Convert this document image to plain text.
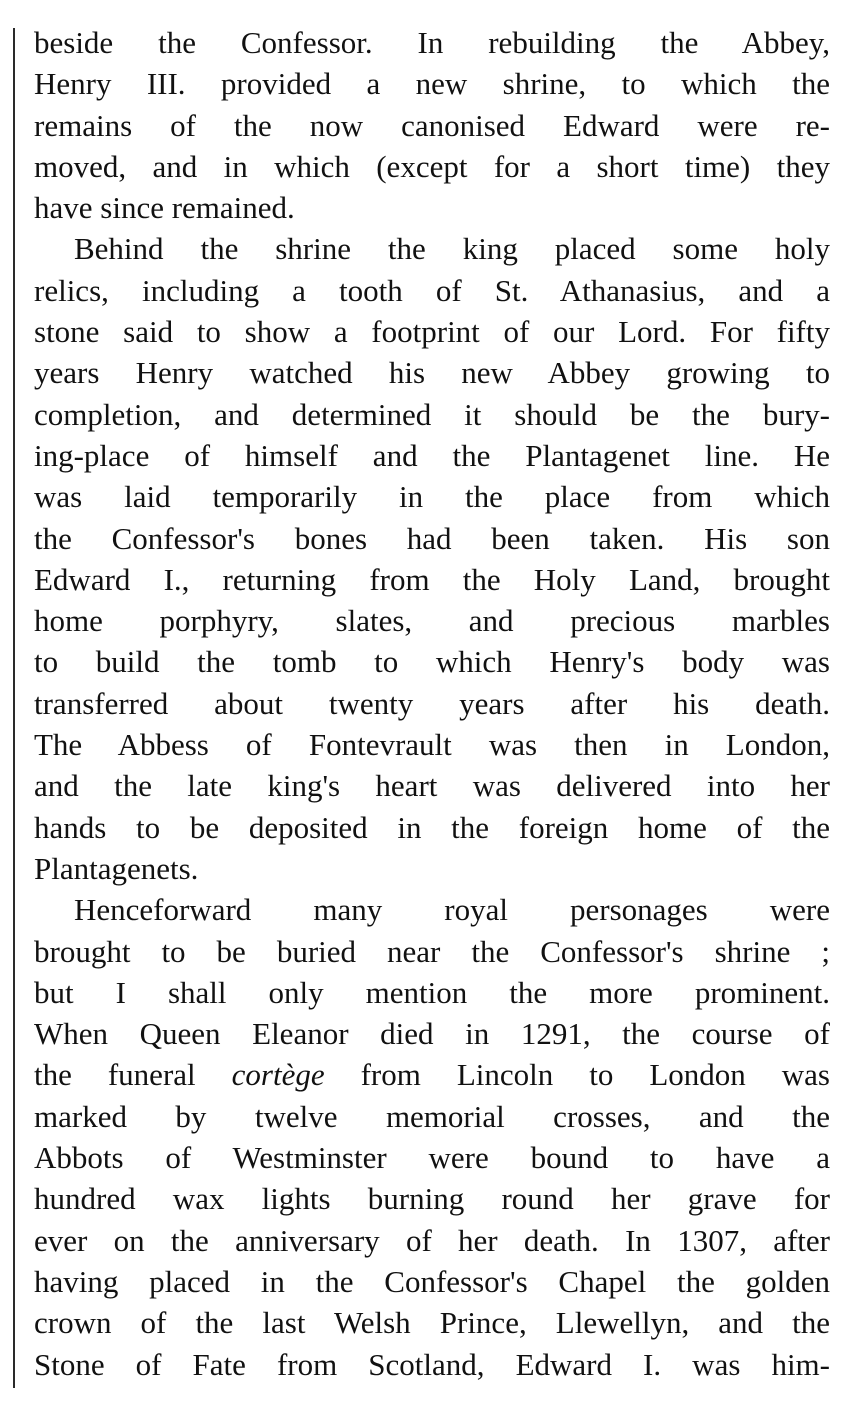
beside the Confessor. In rebuilding the Abbey,
Henry III. provided a new shrine, to which the
remains of the now canonised Edward were re-
moved, and in which (except for a short time) they
have since remained.
Behind the shrine the king placed some holy
relics, including a tooth of St. Athanasius, and a
stone said to show a footprint of our Lord. For fifty
years Henry watched his new Abbey growing to
completion, and determined it should be the bury-
ing-place of himself and the Plantagenet line. He
was laid temporarily in the place from which
the Confessor's bones had been taken. His son
Edward I., returning from the Holy Land, brought
home porphyry, slates, and precious marbles
to build the tomb to which Henry's body was
transferred about twenty years after his death.
The Abbess of Fontevrault was then in London,
and the late king's heart was delivered into her
hands to be deposited in the foreign home of the
Plantagenets.
Henceforward many royal personages were
brought to be buried near the Confessor's shrine ;
but I shall only mention the more prominent.
When Queen Eleanor died in 1291, the course of
the funeral cortège from Lincoln to London was
marked by twelve memorial crosses, and the
Abbots of Westminster were bound to have a
hundred wax lights burning round her grave for
ever on the anniversary of her death. In 1307, after
having placed in the Confessor's Chapel the golden
crown of the last Welsh Prince, Llewellyn, and the
Stone of Fate from Scotland, Edward I. was him-
